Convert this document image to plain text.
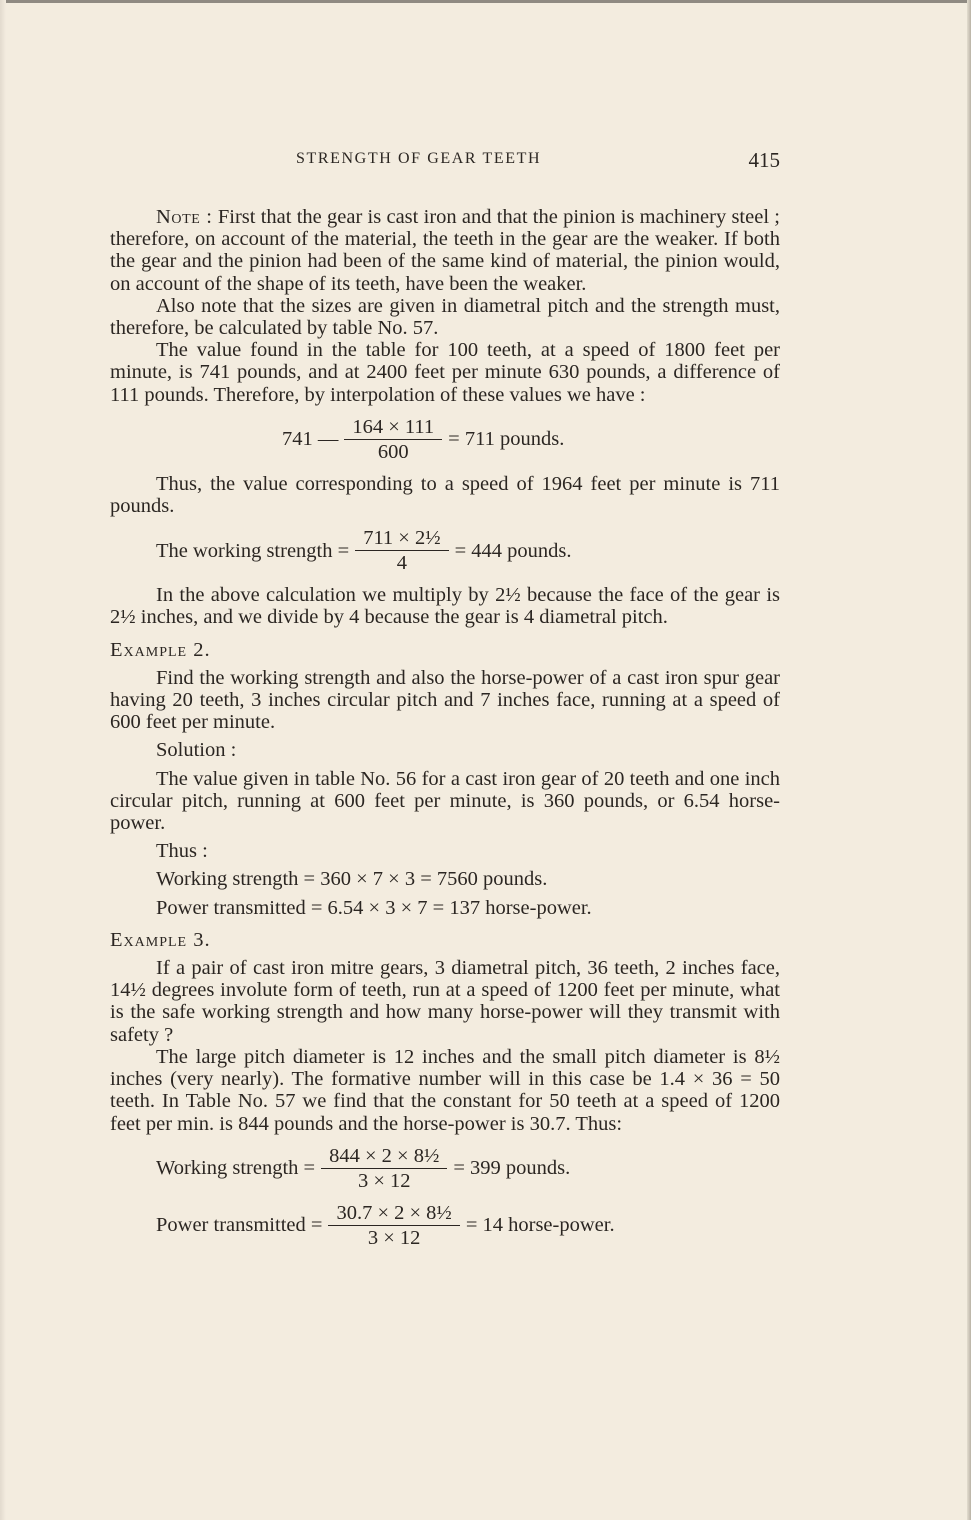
STRENGTH OF GEAR TEETH	415

Note : First that the gear is cast iron and that the pinion is machinery steel ; therefore, on account of the material, the teeth in the gear are the weaker. If both the gear and the pinion had been of the same kind of material, the pinion would, on account of the shape of its teeth, have been the weaker.

Also note that the sizes are given in diametral pitch and the strength must, therefore, be calculated by table No. 57.

The value found in the table for 100 teeth, at a speed of 1800 feet per minute, is 741 pounds, and at 2400 feet per minute 630 pounds, a difference of 111 pounds. Therefore, by interpolation of these values we have :

741 — $\frac{164 \times 111}{600} = 711$ pounds.

Thus, the value corresponding to a speed of 1964 feet per minute is 711 pounds.

The working strength = $\frac{\text{711 × 2½}}{4} = 444$ pounds.

In the above calculation we multiply by 2½ because the face of the gear is 2½ inches, and we divide by 4 because the gear is 4 diametral pitch.

Example 2.

Find the working strength and also the horse-power of a cast iron spur gear having 20 teeth, 3 inches circular pitch and 7 inches face, running at a speed of 600 feet per minute.

Solution :

The value given in table No. 56 for a cast iron gear of 20 teeth and one inch circular pitch, running at 600 feet per minute, is 360 pounds, or 6.54 horse-power.

Thus :

Working strength = 360 × 7 × 3 = 7560 pounds.

Power transmitted = 6.54 × 3 × 7 = 137 horse-power.

Example 3.

If a pair of cast iron mitre gears, 3 diametral pitch, 36 teeth, 2 inches face, 14½ degrees involute form of teeth, run at a speed of 1200 feet per minute, what is the safe working strength and how many horse-power will they transmit with safety ?

The large pitch diameter is 12 inches and the small pitch diameter is 8½ inches (very nearly). The formative number will in this case be 1.4 × 36 = 50 teeth. In Table No. 57 we find that the constant for 50 teeth at a speed of 1200 feet per min. is 844 pounds and the horse-power is 30.7. Thus:

Working strength = $\frac{\text{844 × 2 × 8½}}{3 \times 12} = 399$ pounds.
Power transmitted = $\frac{\text{30.7 × 2 × 8½}}{3 \times 12} = 14$ horse-power.
